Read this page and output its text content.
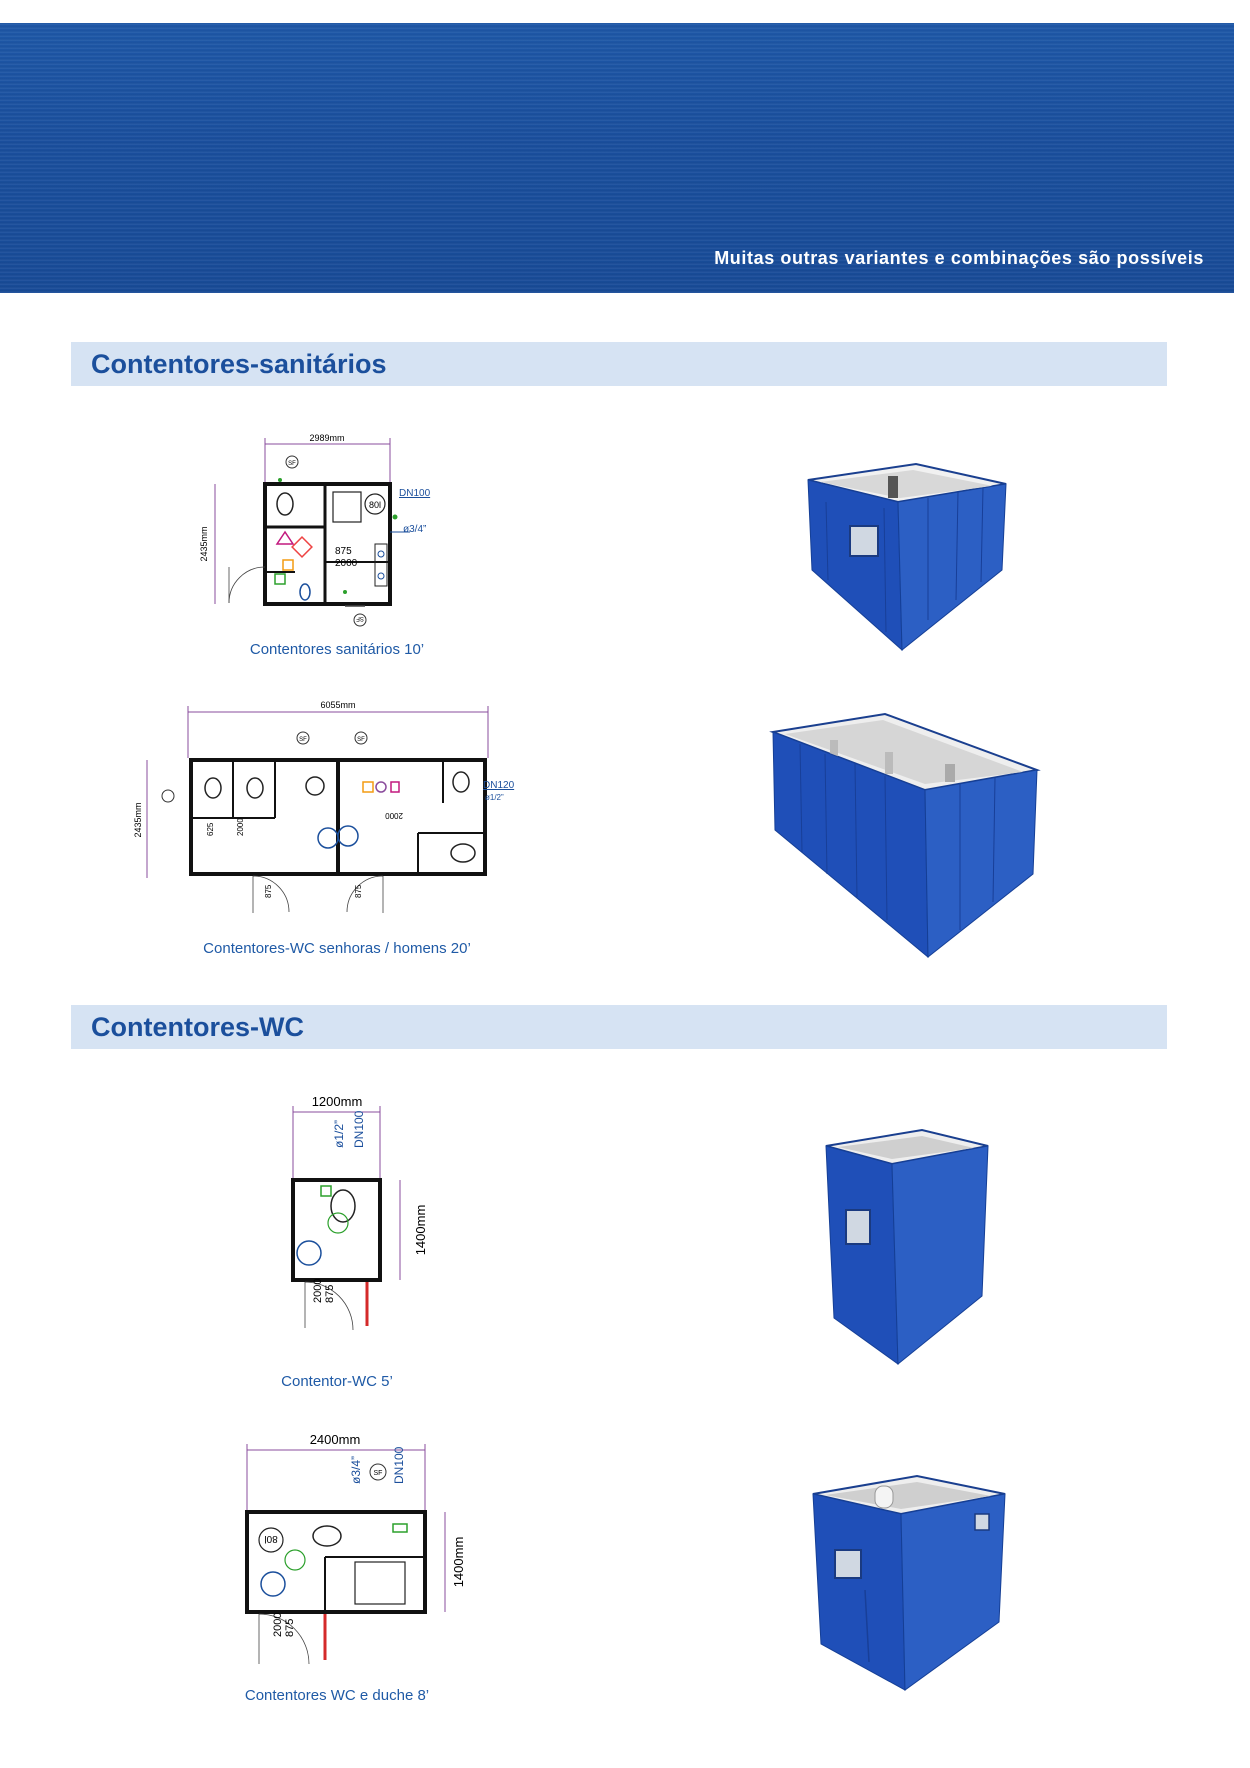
Muitas outras variantes e combinações são possíveis
Contentores-sanitários
2989mm
SF
2435mm
80l
DN100
ø3/4”
875
2000
SF
Contentores sanitários 10’
6055mm
SF	SF
2435mm
DN120
ø1/2”
625	2000
2000
875	875
Contentores-WC senhoras / homens 20’
Contentores-WC
1200mm
ø1/2” DN100
1400mm
875
2000
Contentor-WC 5’
2400mm
ø3/4” SF DN100
80l	1400mm
875
2000
Contentores WC e duche 8’
